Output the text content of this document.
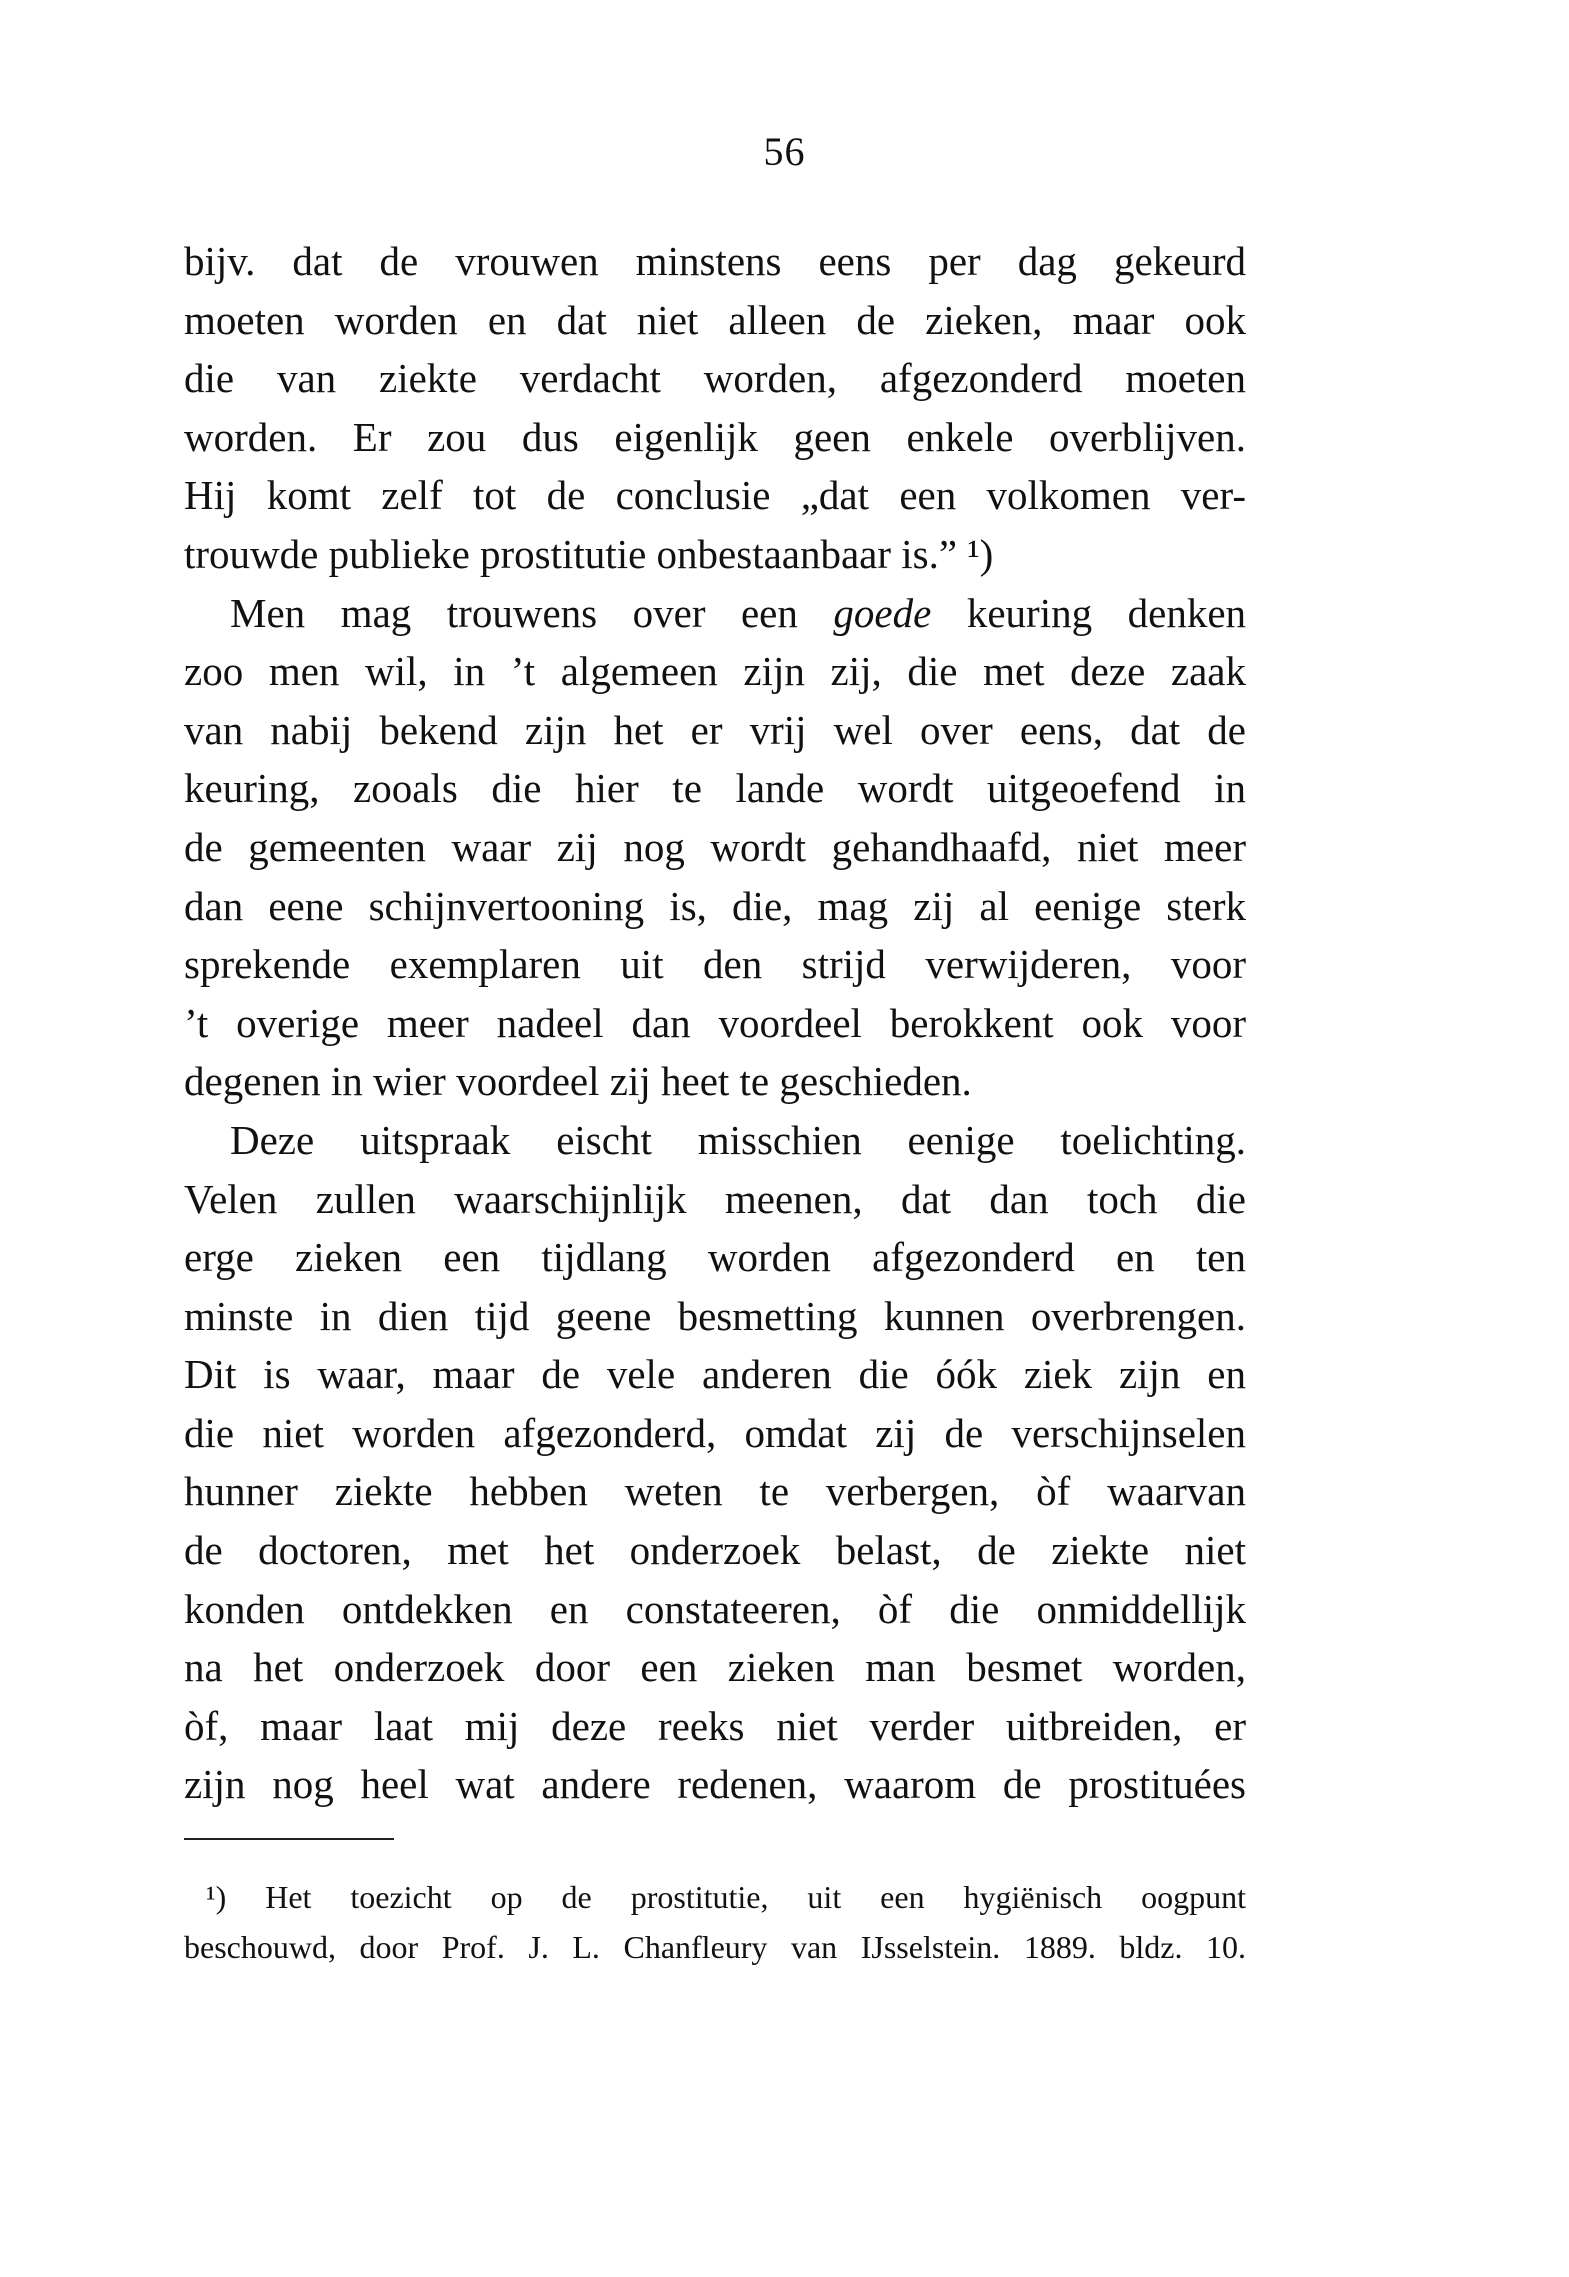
56
bijv. dat de vrouwen minstens eens per dag gekeurd
moeten worden en dat niet alleen de zieken, maar ook
die van ziekte verdacht worden, afgezonderd moeten
worden. Er zou dus eigenlijk geen enkele overblijven.
Hij komt zelf tot de conclusie „dat een volkomen ver-
trouwde publieke prostitutie onbestaanbaar is.” ¹)
Men mag trouwens over een goede keuring denken
zoo men wil, in ’t algemeen zijn zij, die met deze zaak
van nabij bekend zijn het er vrij wel over eens, dat de
keuring, zooals die hier te lande wordt uitgeoefend in
de gemeenten waar zij nog wordt gehandhaafd, niet meer
dan eene schijnvertooning is, die, mag zij al eenige sterk
sprekende exemplaren uit den strijd verwijderen, voor
’t overige meer nadeel dan voordeel berokkent ook voor
degenen in wier voordeel zij heet te geschieden.
Deze uitspraak eischt misschien eenige toelichting.
Velen zullen waarschijnlijk meenen, dat dan toch die
erge zieken een tijdlang worden afgezonderd en ten
minste in dien tijd geene besmetting kunnen overbrengen.
Dit is waar, maar de vele anderen die óók ziek zijn en
die niet worden afgezonderd, omdat zij de verschijnselen
hunner ziekte hebben weten te verbergen, òf waarvan
de doctoren, met het onderzoek belast, de ziekte niet
konden ontdekken en constateeren, òf die onmiddellijk
na het onderzoek door een zieken man besmet worden,
òf, maar laat mij deze reeks niet verder uitbreiden, er
zijn nog heel wat andere redenen, waarom de prostituées
¹) Het toezicht op de prostitutie, uit een hygiënisch oogpunt
beschouwd, door Prof. J. L. Chanfleury van IJsselstein. 1889. bldz. 10.
